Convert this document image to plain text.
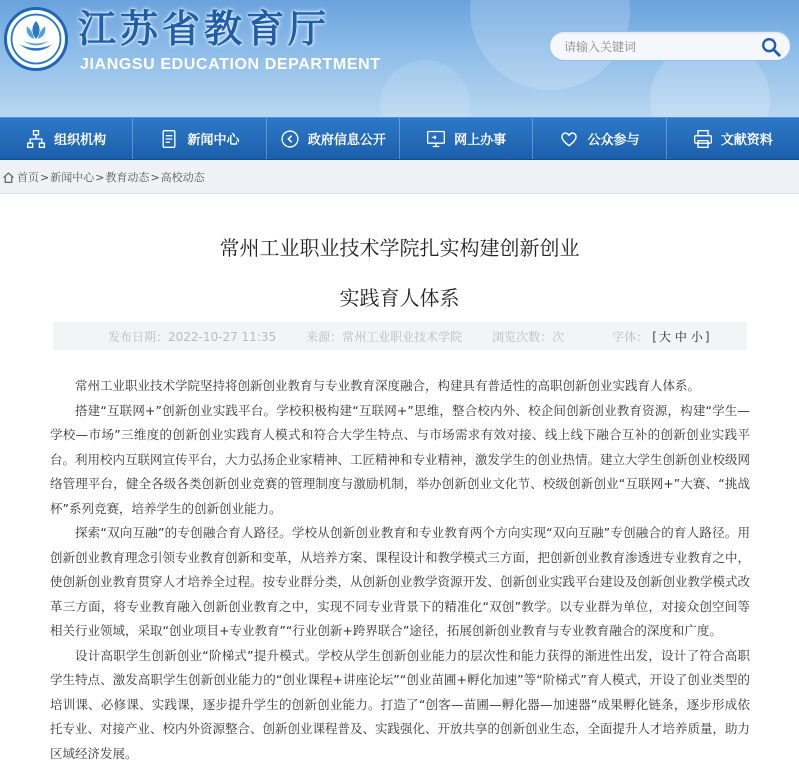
江苏省教育厅
JIANGSU EDUCATION DEPARTMENT
请输入关键词
组织机构	新闻中心	政府信息公开	网上办事	公众参与	文献资料
首页 > 新闻中心 > 教育动态 > 高校动态
常州工业职业技术学院扎实构建创新创业
实践育人体系
发布日期：2022-10-27 11:35	来源：常州工业职业技术学院	浏览次数：次	字体： [ 大 中 小 ]

常州工业职业技术学院坚持将创新创业教育与专业教育深度融合，构建具有普适性的高职创新创业实践育人体系。

搭建“互联网+”创新创业实践平台。学校积极构建“互联网+”思维，整合校内外、校企间创新创业教育资源，构建“学生—学校—市场”三维度的创新创业实践育人模式和符合大学生特点、与市场需求有效对接、线上线下融合互补的创新创业实践平台。利用校内互联网宣传平台，大力弘扬企业家精神、工匠精神和专业精神，激发学生的创业热情。建立大学生创新创业校级网络管理平台，健全各级各类创新创业竞赛的管理制度与激励机制，举办创新创业文化节、校级创新创业“互联网+”大赛、“挑战杯”系列竞赛，培养学生的创新创业能力。

探索“双向互融”的专创融合育人路径。学校从创新创业教育和专业教育两个方向实现“双向互融”专创融合的育人路径。用创新创业教育理念引领专业教育创新和变革，从培养方案、课程设计和教学模式三方面，把创新创业教育渗透进专业教育之中，使创新创业教育贯穿人才培养全过程。按专业群分类，从创新创业教学资源开发、创新创业实践平台建设及创新创业教学模式改革三方面，将专业教育融入创新创业教育之中，实现不同专业背景下的精准化“双创”教学。以专业群为单位，对接众创空间等相关行业领域，采取“创业项目+专业教育”“行业创新+跨界联合”途径，拓展创新创业教育与专业教育融合的深度和广度。

设计高职学生创新创业“阶梯式”提升模式。学校从学生创新创业能力的层次性和能力获得的渐进性出发，设计了符合高职学生特点、激发高职学生创新创业能力的“创业课程+讲座论坛”“创业苗圃+孵化加速”等“阶梯式”育人模式，开设了创业类型的培训课、必修课、实践课，逐步提升学生的创新创业能力。打造了“创客—苗圃—孵化器—加速器”成果孵化链条，逐步形成依托专业、对接产业、校内外资源整合、创新创业课程普及、实践强化、开放共享的创新创业生态，全面提升人才培养质量，助力区域经济发展。
